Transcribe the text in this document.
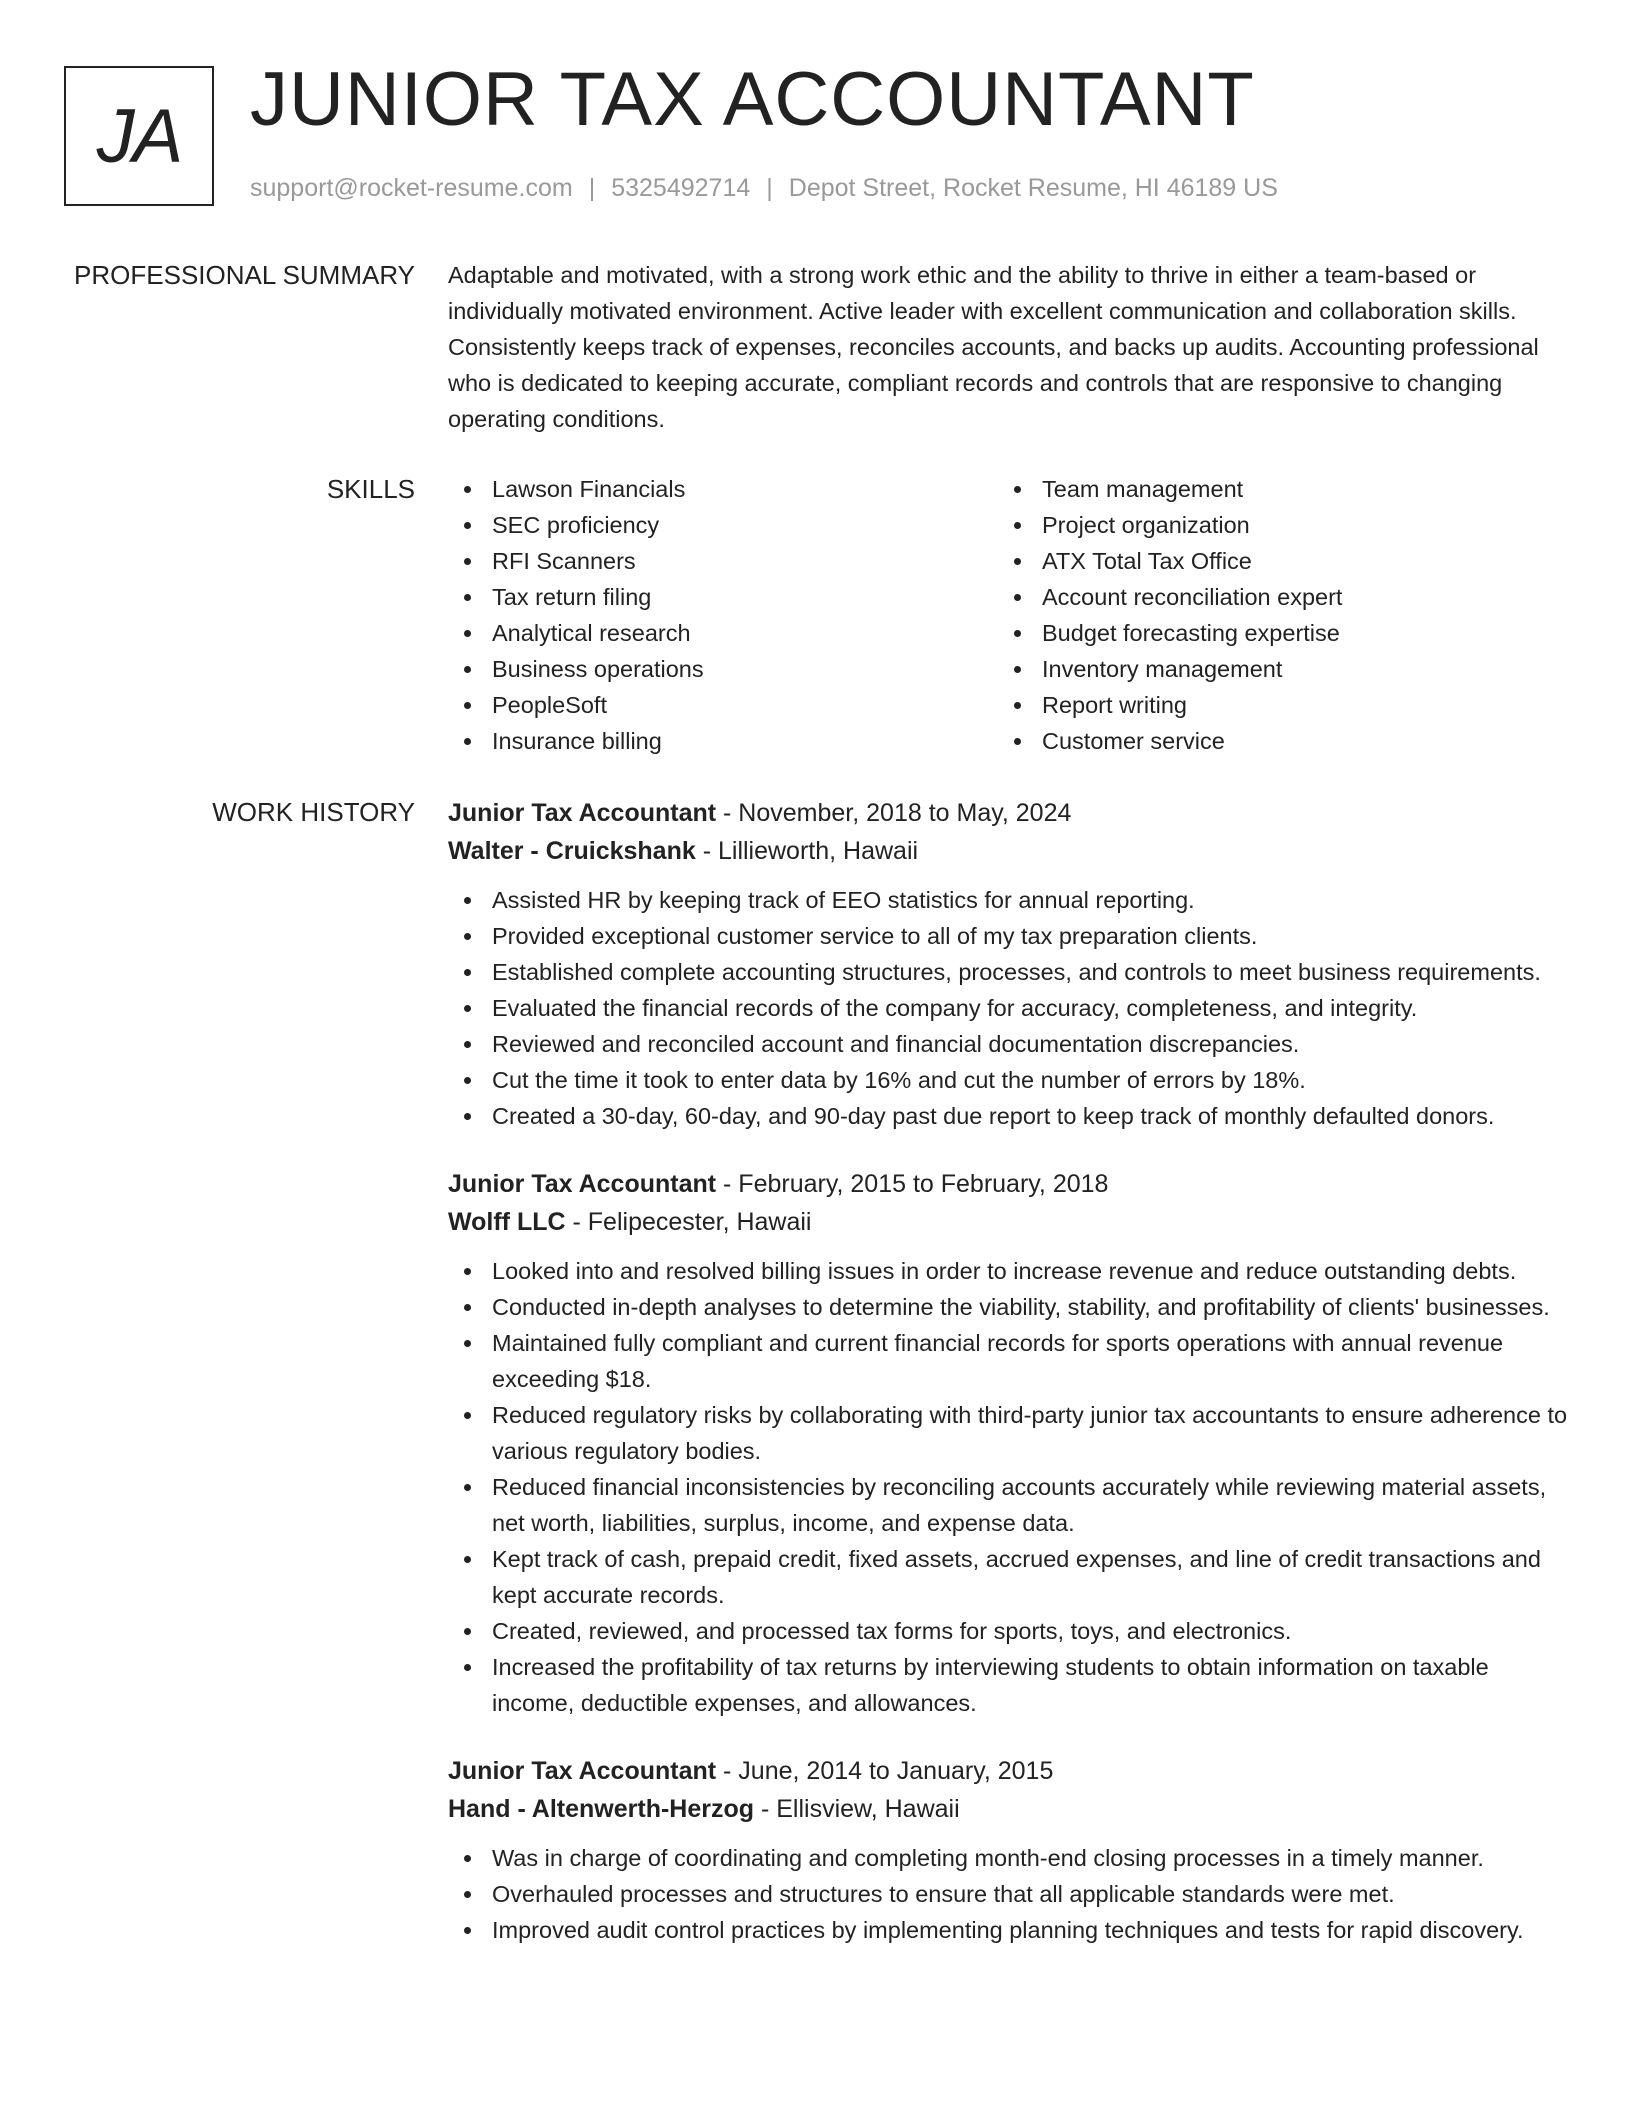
JA JUNIOR TAX ACCOUNTANT
support@rocket-resume.com | 5325492714 | Depot Street, Rocket Resume, HI 46189 US
PROFESSIONAL SUMMARY Adaptable and motivated, with a strong work ethic and the ability to thrive in either a team-based or individually motivated environment. Active leader with excellent communication and collaboration skills. Consistently keeps track of expenses, reconciles accounts, and backs up audits. Accounting professional who is dedicated to keeping accurate, compliant records and controls that are responsive to changing operating conditions.

SKILLS	Lawson Financials
SEC proficiency
RFI Scanners
Tax return filing
Analytical research
Business operations
PeopleSoft
Insurance billing
Team management
Project organization
ATX Total Tax Office
Account reconciliation expert
Budget forecasting expertise
Inventory management
Report writing
Customer service
WORK HISTORY Junior Tax Accountant - November, 2018 to May, 2024
Walter - Cruickshank - Lillieworth, Hawaii
Assisted HR by keeping track of EEO statistics for annual reporting.
Provided exceptional customer service to all of my tax preparation clients.
Established complete accounting structures, processes, and controls to meet business requirements.
Evaluated the financial records of the company for accuracy, completeness, and integrity.
Reviewed and reconciled account and financial documentation discrepancies.
Cut the time it took to enter data by 16% and cut the number of errors by 18%.
Created a 30-day, 60-day, and 90-day past due report to keep track of monthly defaulted donors.
Junior Tax Accountant - February, 2015 to February, 2018
Wolff LLC - Felipecester, Hawaii
Looked into and resolved billing issues in order to increase revenue and reduce outstanding debts.
Conducted in-depth analyses to determine the viability, stability, and profitability of clients' businesses.
Maintained fully compliant and current financial records for sports operations with annual revenue exceeding $18.
Reduced regulatory risks by collaborating with third-party junior tax accountants to ensure adherence to various regulatory bodies.
Reduced financial inconsistencies by reconciling accounts accurately while reviewing material assets, net worth, liabilities, surplus, income, and expense data.
Kept track of cash, prepaid credit, fixed assets, accrued expenses, and line of credit transactions and kept accurate records.
Created, reviewed, and processed tax forms for sports, toys, and electronics.
Increased the profitability of tax returns by interviewing students to obtain information on taxable income, deductible expenses, and allowances.
Junior Tax Accountant - June, 2014 to January, 2015
Hand - Altenwerth-Herzog - Ellisview, Hawaii
Was in charge of coordinating and completing month-end closing processes in a timely manner.
Overhauled processes and structures to ensure that all applicable standards were met.
Improved audit control practices by implementing planning techniques and tests for rapid discovery.
